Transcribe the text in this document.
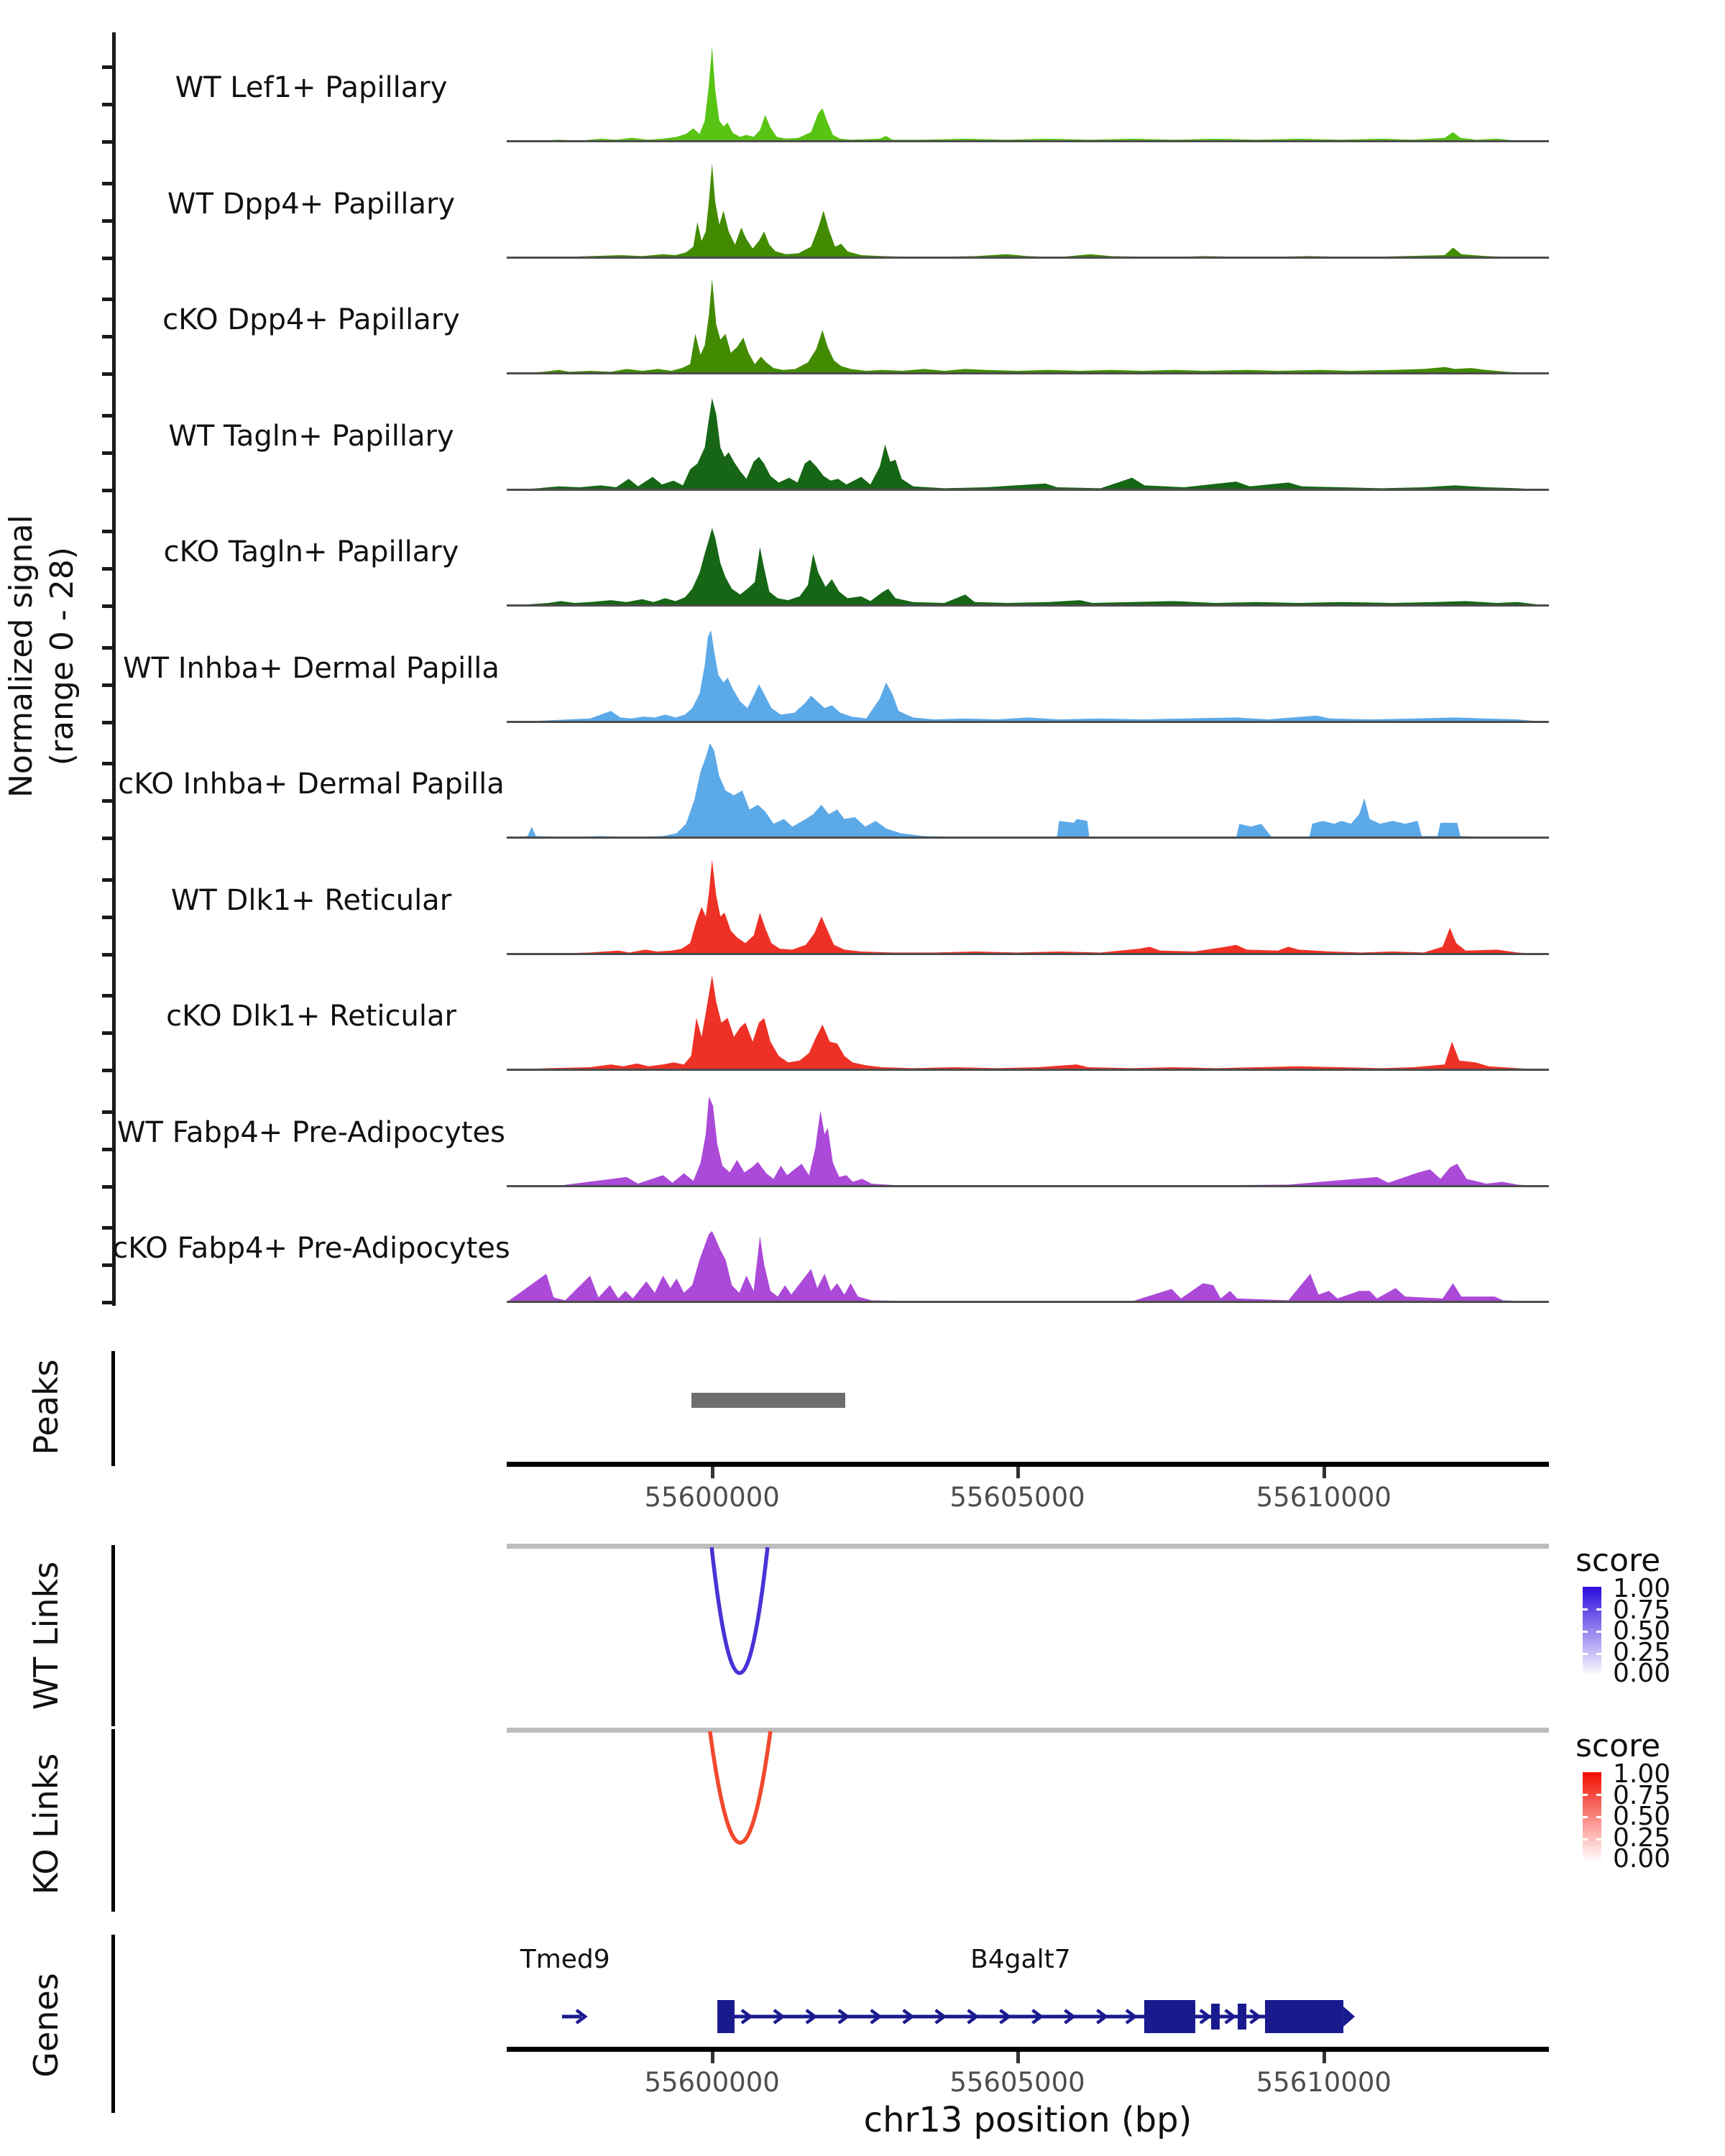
Normalized signal (range 0 - 28)
Peaks
WT Links
KO Links
Genes
score
score
chr13 position (bp)
WT Lef1+ Papillary
WT Dpp4+ Papillary
cKO Dpp4+ Papillary
WT Tagln+ Papillary
cKO Tagln+ Papillary
WT Inhba+ Dermal Papilla
cKO Inhba+ Dermal Papilla
WT Dlk1+ Reticular
cKO Dlk1+ Reticular
WT Fabp4+ Pre-Adipocytes
cKO Fabp4+ Pre-Adipocytes
55600000	55605000	55610000
1.00
0.75
0.50
0.25
0.00
1.00
0.75
0.50
0.25
0.00
Tmed9	B4galt7
55600000	55605000	55610000
